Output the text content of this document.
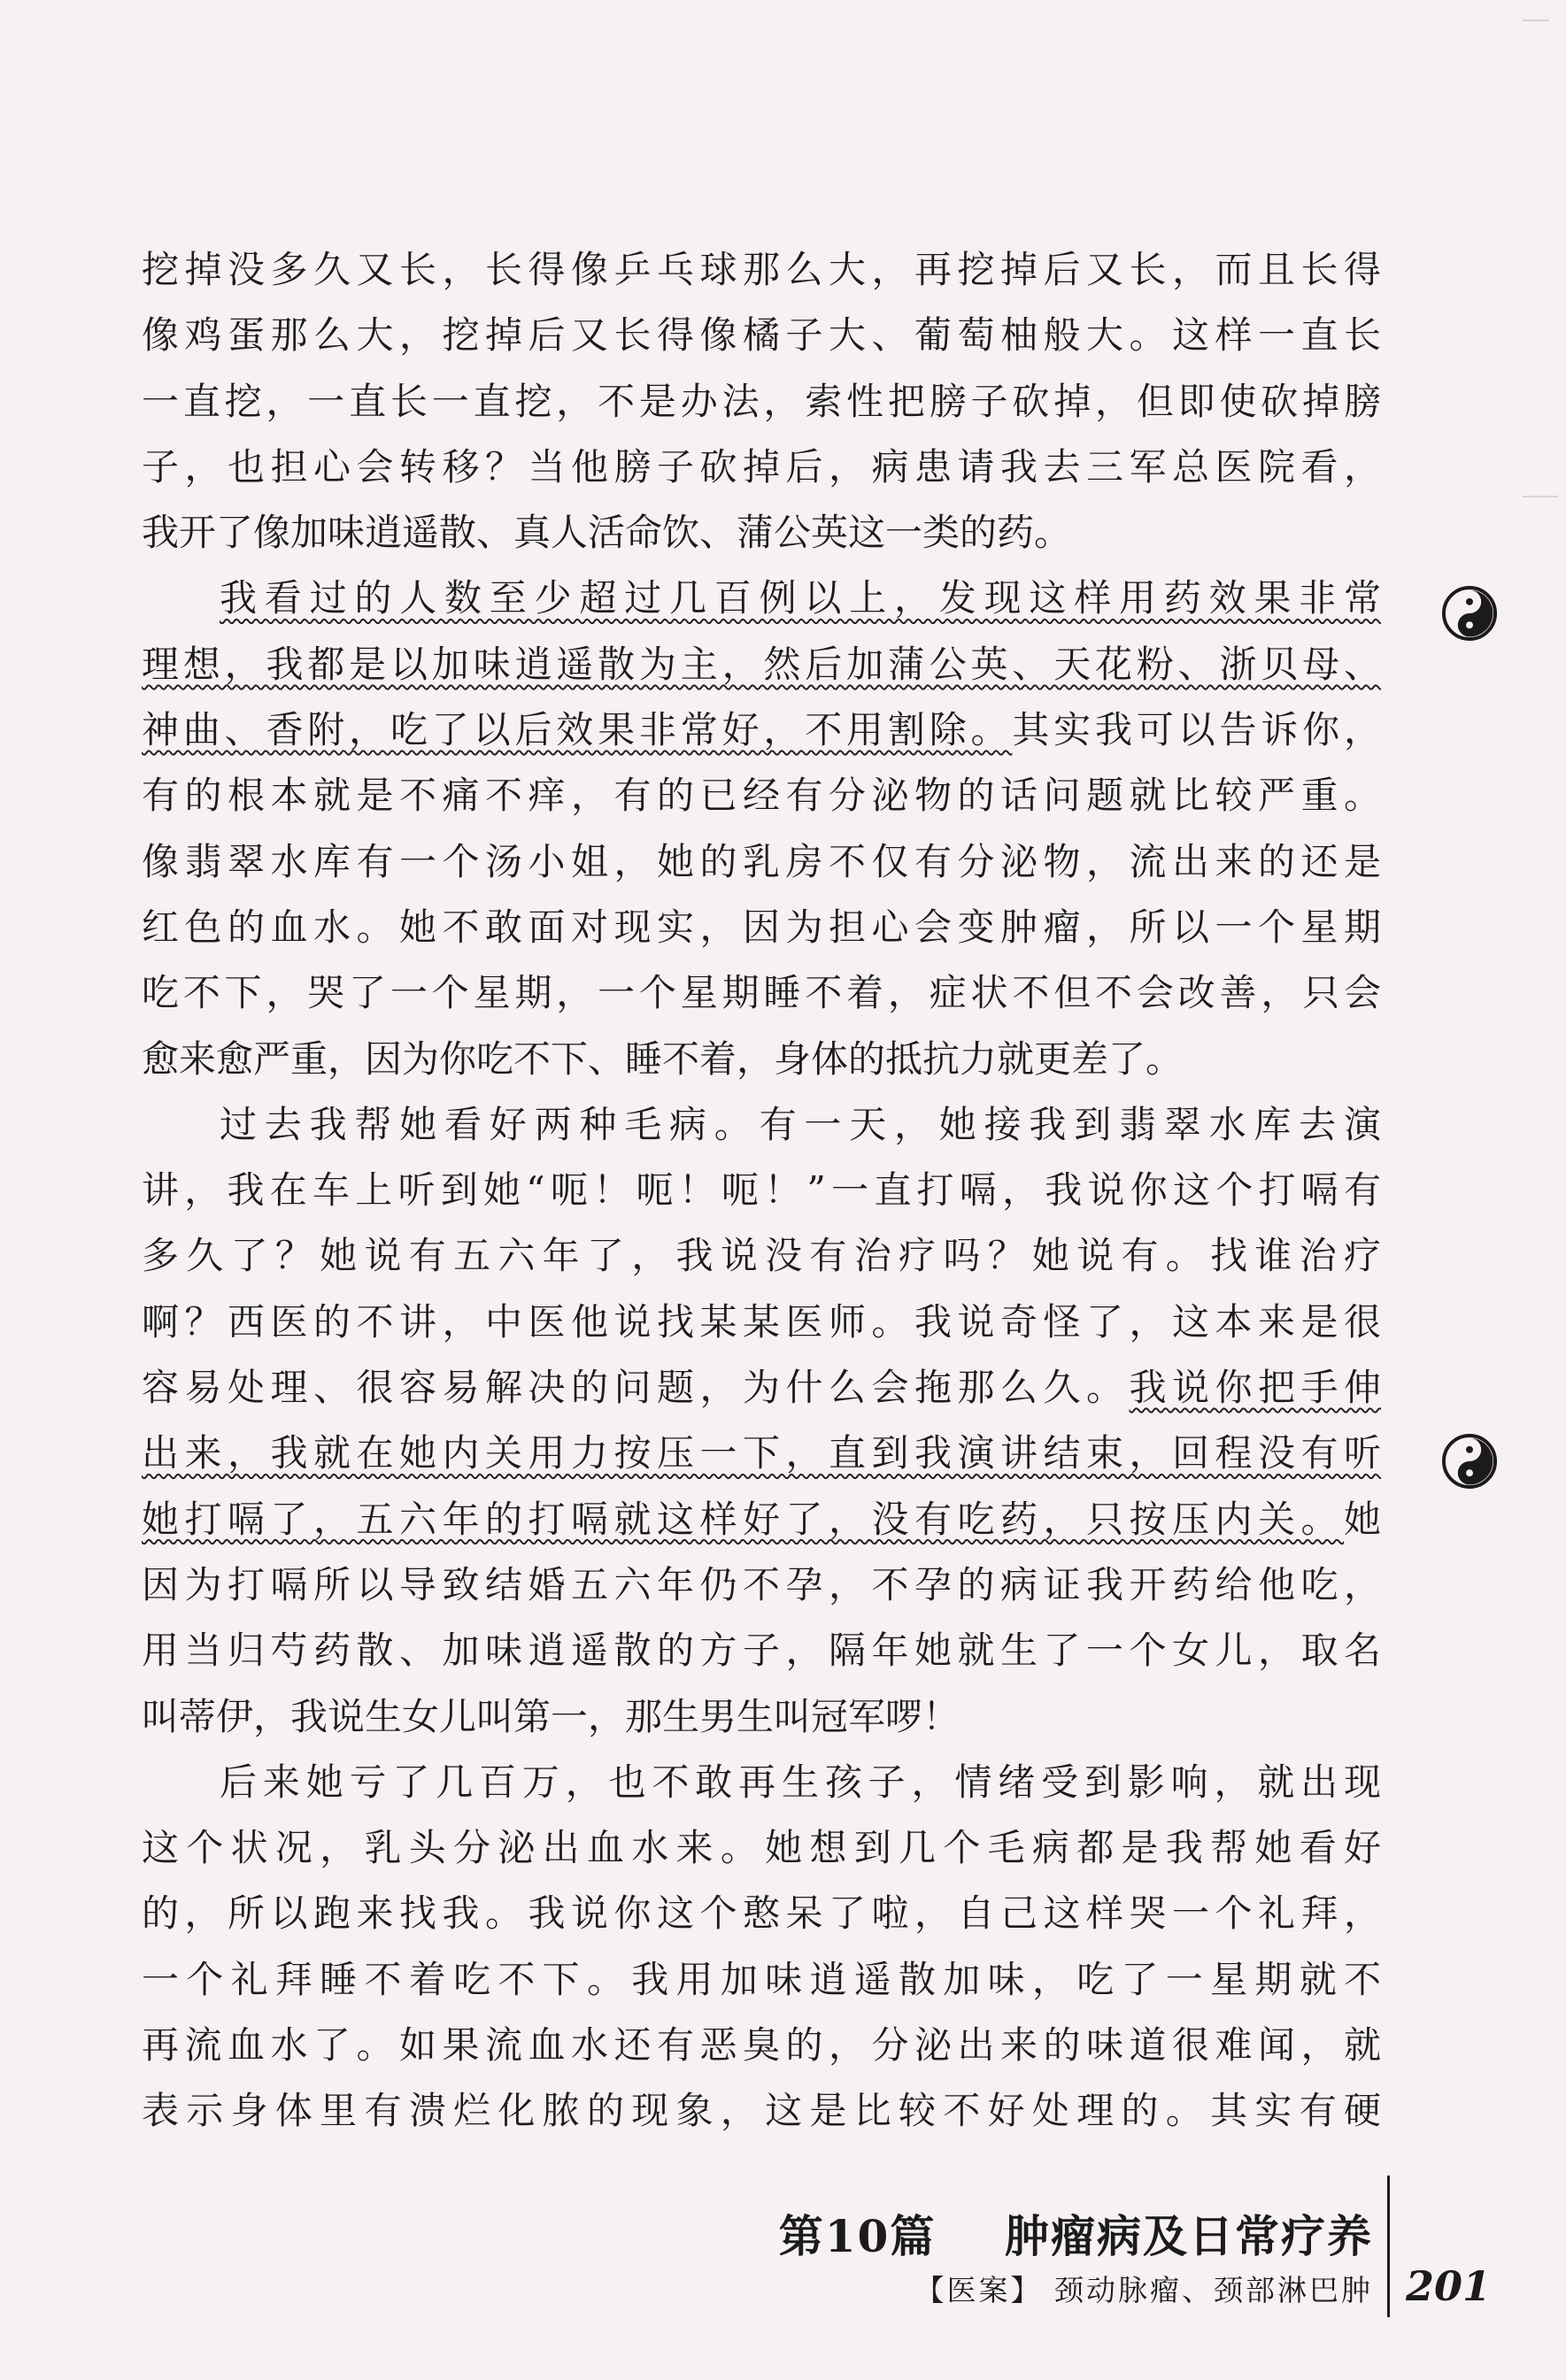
挖掉没多久又长，长得像乒乓球那么大，再挖掉后又长，而且长得
像鸡蛋那么大，挖掉后又长得像橘子大、葡萄柚般大。这样一直长
一直挖，一直长一直挖，不是办法，索性把膀子砍掉，但即使砍掉膀
子，也担心会转移？当他膀子砍掉后，病患请我去三军总医院看，
我开了像加味逍遥散、真人活命饮、蒲公英这一类的药。
我看过的人数至少超过几百例以上，发现这样用药效果非常
理想，我都是以加味逍遥散为主，然后加蒲公英、天花粉、浙贝母、
神曲、香附，吃了以后效果非常好，不用割除。其实我可以告诉你，
有的根本就是不痛不痒，有的已经有分泌物的话问题就比较严重。
像翡翠水库有一个汤小姐，她的乳房不仅有分泌物，流出来的还是
红色的血水。她不敢面对现实，因为担心会变肿瘤，所以一个星期
吃不下，哭了一个星期，一个星期睡不着，症状不但不会改善，只会
愈来愈严重，因为你吃不下、睡不着，身体的抵抗力就更差了。
过去我帮她看好两种毛病。有一天，她接我到翡翠水库去演
讲，我在车上听到她“呃！呃！呃！”一直打嗝，我说你这个打嗝有
多久了？她说有五六年了，我说没有治疗吗？她说有。找谁治疗
啊？西医的不讲，中医他说找某某医师。我说奇怪了，这本来是很
容易处理、很容易解决的问题，为什么会拖那么久。我说你把手伸
出来，我就在她内关用力按压一下，直到我演讲结束，回程没有听
她打嗝了，五六年的打嗝就这样好了，没有吃药，只按压内关。她
因为打嗝所以导致结婚五六年仍不孕，不孕的病证我开药给他吃，
用当归芍药散、加味逍遥散的方子，隔年她就生了一个女儿，取名
叫蒂伊，我说生女儿叫第一，那生男生叫冠军啰！
后来她亏了几百万，也不敢再生孩子，情绪受到影响，就出现
这个状况，乳头分泌出血水来。她想到几个毛病都是我帮她看好
的，所以跑来找我。我说你这个憨呆了啦，自己这样哭一个礼拜，
一个礼拜睡不着吃不下。我用加味逍遥散加味，吃了一星期就不
再流血水了。如果流血水还有恶臭的，分泌出来的味道很难闻，就
表示身体里有溃烂化脓的现象，这是比较不好处理的。其实有硬
第10篇 肿瘤病及日常疗养
【医案】 颈动脉瘤、颈部淋巴肿 201
